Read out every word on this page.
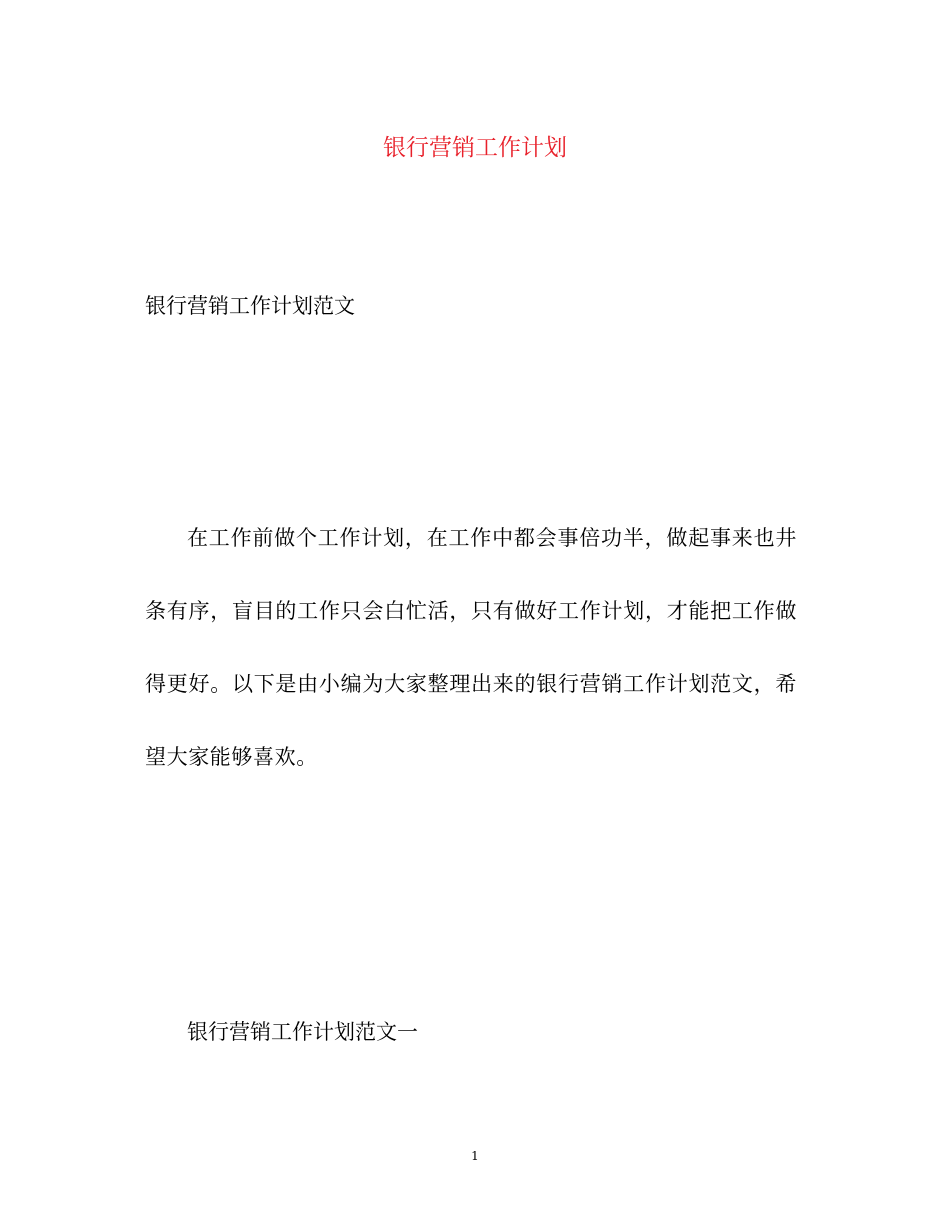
银行营销工作计划
银行营销工作计划范文

在工作前做个工作计划，在工作中都会事倍功半，做起事来也井条有序，盲目的工作只会白忙活，只有做好工作计划，才能把工作做得更好。以下是由小编为大家整理出来的银行营销工作计划范文，希望大家能够喜欢。

银行营销工作计划范文一
1
